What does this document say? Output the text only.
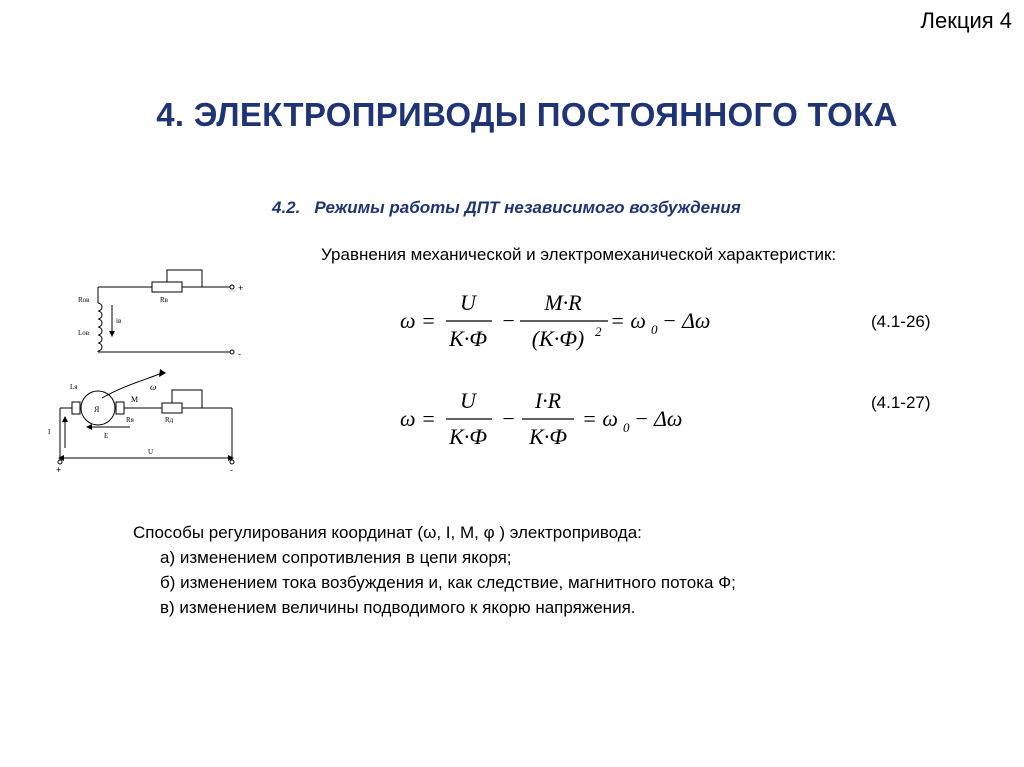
Лекция 4
4. ЭЛЕКТРОПРИВОДЫ ПОСТОЯННОГО ТОКА
4.2. Режимы работы ДПТ независимого возбуждения
Уравнения механической и электромеханической характеристик:
ω =
U
K·Ф
−
M·R
(K·Ф) 2 = ω 0 − Δω	(4.1-26)
ω =
U
K·Ф
−
I·R
K·Ф
= ω 0 − Δω
(4.1-27)
Rов	Rв
Lов
iв
+
-
Lя	ω
M
Я
Rя	Rд
E
I
U
+	-
Способы регулирования координат (ω, I, M, φ ) электропривода:
а) изменением сопротивления в цепи якоря;
б) изменением тока возбуждения и, как следствие, магнитного потока Ф;
в) изменением величины подводимого к якорю напряжения.
